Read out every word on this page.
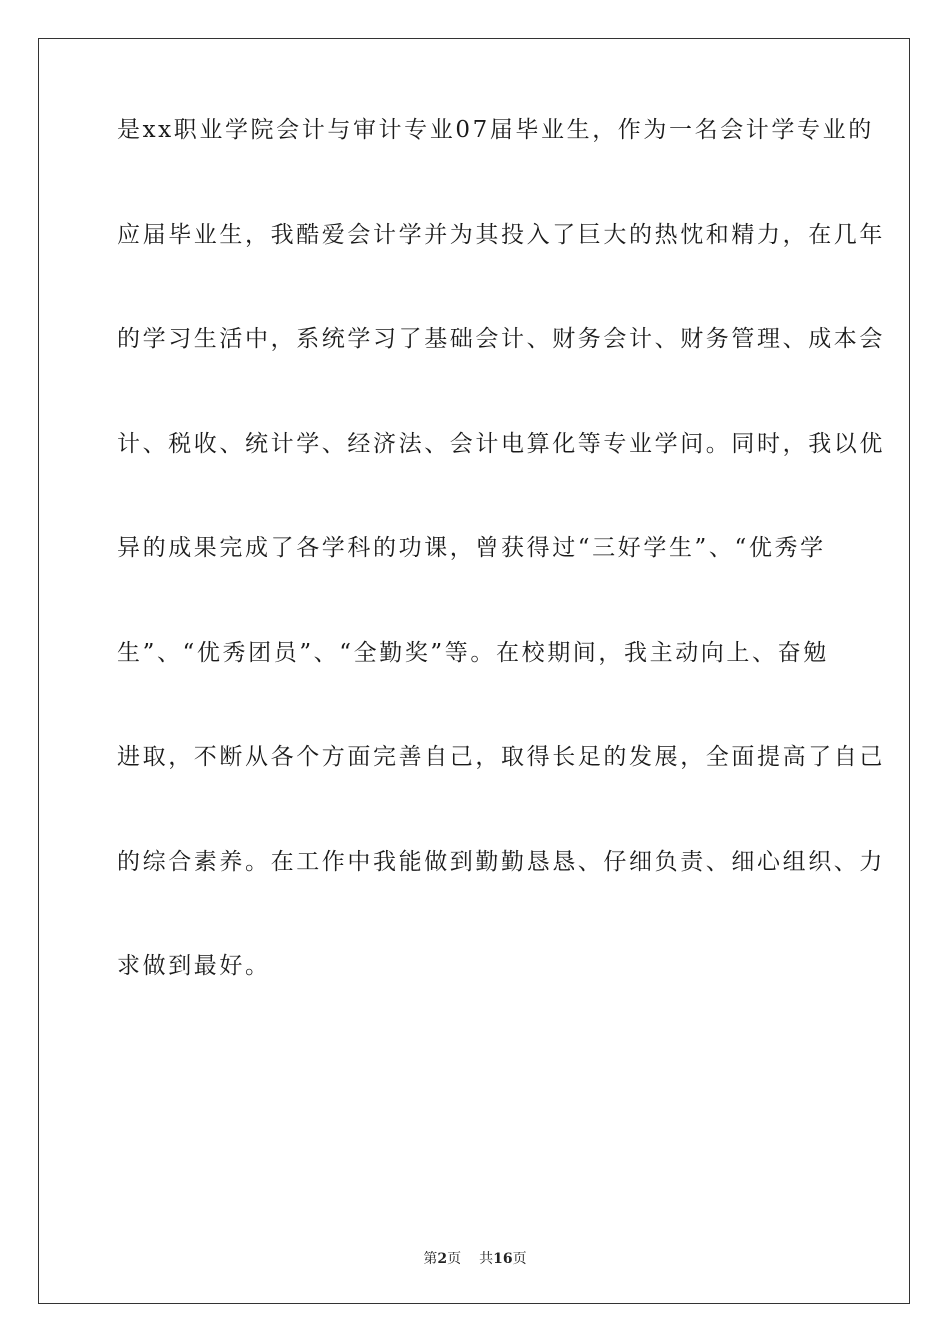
是xx职业学院会计与审计专业07届毕业生，作为一名会计学专业的
应届毕业生，我酷爱会计学并为其投入了巨大的热忱和精力，在几年
的学习生活中，系统学习了基础会计、财务会计、财务管理、成本会
计、税收、统计学、经济法、会计电算化等专业学问。同时，我以优
异的成果完成了各学科的功课，曾获得过“三好学生”、“优秀学
生”、“优秀团员”、“全勤奖”等。在校期间，我主动向上、奋勉
进取，不断从各个方面完善自己，取得长足的发展，全面提高了自己
的综合素养。在工作中我能做到勤勤恳恳、仔细负责、细心组织、力
求做到最好。
第2页 共16页
